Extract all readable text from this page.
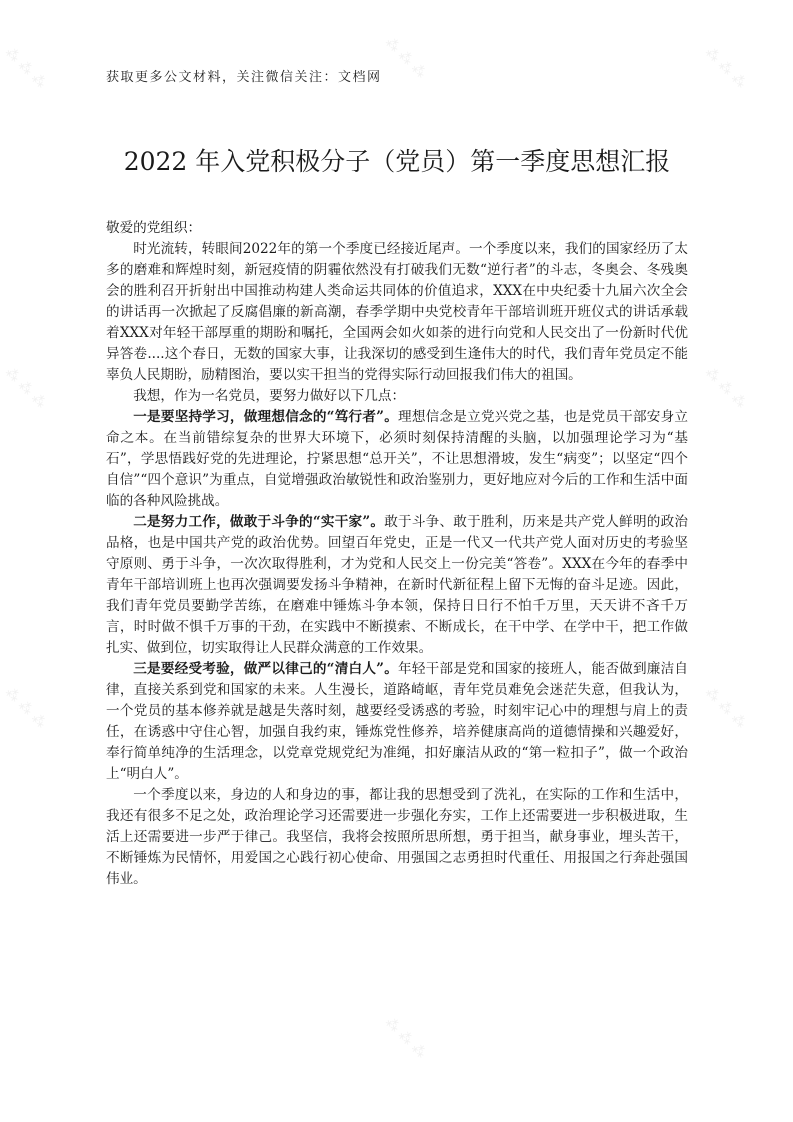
获取更多公文材料，关注微信关注：文档网
2022 年入党积极分子（党员）第一季度思想汇报

敬爱的党组织：

时光流转，转眼间2022年的第一个季度已经接近尾声。一个季度以来，我们的国家经历了太多的磨难和辉煌时刻，新冠疫情的阴霾依然没有打破我们无数“逆行者”的斗志，冬奥会、冬残奥会的胜利召开折射出中国推动构建人类命运共同体的价值追求，XXX在中央纪委十九届六次全会的讲话再一次掀起了反腐倡廉的新高潮，春季学期中央党校青年干部培训班开班仪式的讲话承载着XXX对年轻干部厚重的期盼和嘱托，全国两会如火如荼的进行向党和人民交出了一份新时代优异答卷....这个春日，无数的国家大事，让我深切的感受到生逢伟大的时代，我们青年党员定不能辜负人民期盼，励精图治，要以实干担当的党得实际行动回报我们伟大的祖国。

我想，作为一名党员，要努力做好以下几点：

一是要坚持学习，做理想信念的“笃行者”。理想信念是立党兴党之基，也是党员干部安身立命之本。在当前错综复杂的世界大环境下，必须时刻保持清醒的头脑，以加强理论学习为“基石”，学思悟践好党的先进理论，拧紧思想“总开关”，不让思想滑坡，发生“病变”；以坚定“四个自信”“四个意识”为重点，自觉增强政治敏锐性和政治鉴别力，更好地应对今后的工作和生活中面临的各种风险挑战。

二是努力工作，做敢于斗争的“实干家”。敢于斗争、敢于胜利，历来是共产党人鲜明的政治品格，也是中国共产党的政治优势。回望百年党史，正是一代又一代共产党人面对历史的考验坚守原则、勇于斗争，一次次取得胜利，才为党和人民交上一份完美“答卷”。XXX在今年的春季中青年干部培训班上也再次强调要发扬斗争精神，在新时代新征程上留下无悔的奋斗足迹。因此，我们青年党员要勤学苦练，在磨难中锤炼斗争本领，保持日日行不怕千万里，天天讲不吝千万言，时时做不惧千万事的干劲，在实践中不断摸索、不断成长，在干中学、在学中干，把工作做扎实、做到位，切实取得让人民群众满意的工作效果。

三是要经受考验，做严以律己的“清白人”。年轻干部是党和国家的接班人，能否做到廉洁自律，直接关系到党和国家的未来。人生漫长，道路崎岖，青年党员难免会迷茫失意，但我认为，一个党员的基本修养就是越是失落时刻，越要经受诱惑的考验，时刻牢记心中的理想与肩上的责任，在诱惑中守住心智，加强自我约束，锤炼党性修养，培养健康高尚的道德情操和兴趣爱好，奉行简单纯净的生活理念，以党章党规党纪为准绳，扣好廉洁从政的“第一粒扣子”，做一个政治上“明白人”。

一个季度以来，身边的人和身边的事，都让我的思想受到了洗礼，在实际的工作和生活中，我还有很多不足之处，政治理论学习还需要进一步强化夯实，工作上还需要进一步积极进取，生活上还需要进一步严于律己。我坚信，我将会按照所思所想，勇于担当，献身事业，埋头苦干，不断锤炼为民情怀，用爱国之心践行初心使命、用强国之志勇担时代重任、用报国之行奔赴强国伟业。

⁂ ⁂ ⁂	⁂ ⁂ ⁂	⁂ ⁂ ⁂
⁂ ⁂ ⁂	⁂ ⁂ ⁂
⁂ ⁂ ⁂	⁂ ⁂ ⁂
⁂ ⁂ ⁂
